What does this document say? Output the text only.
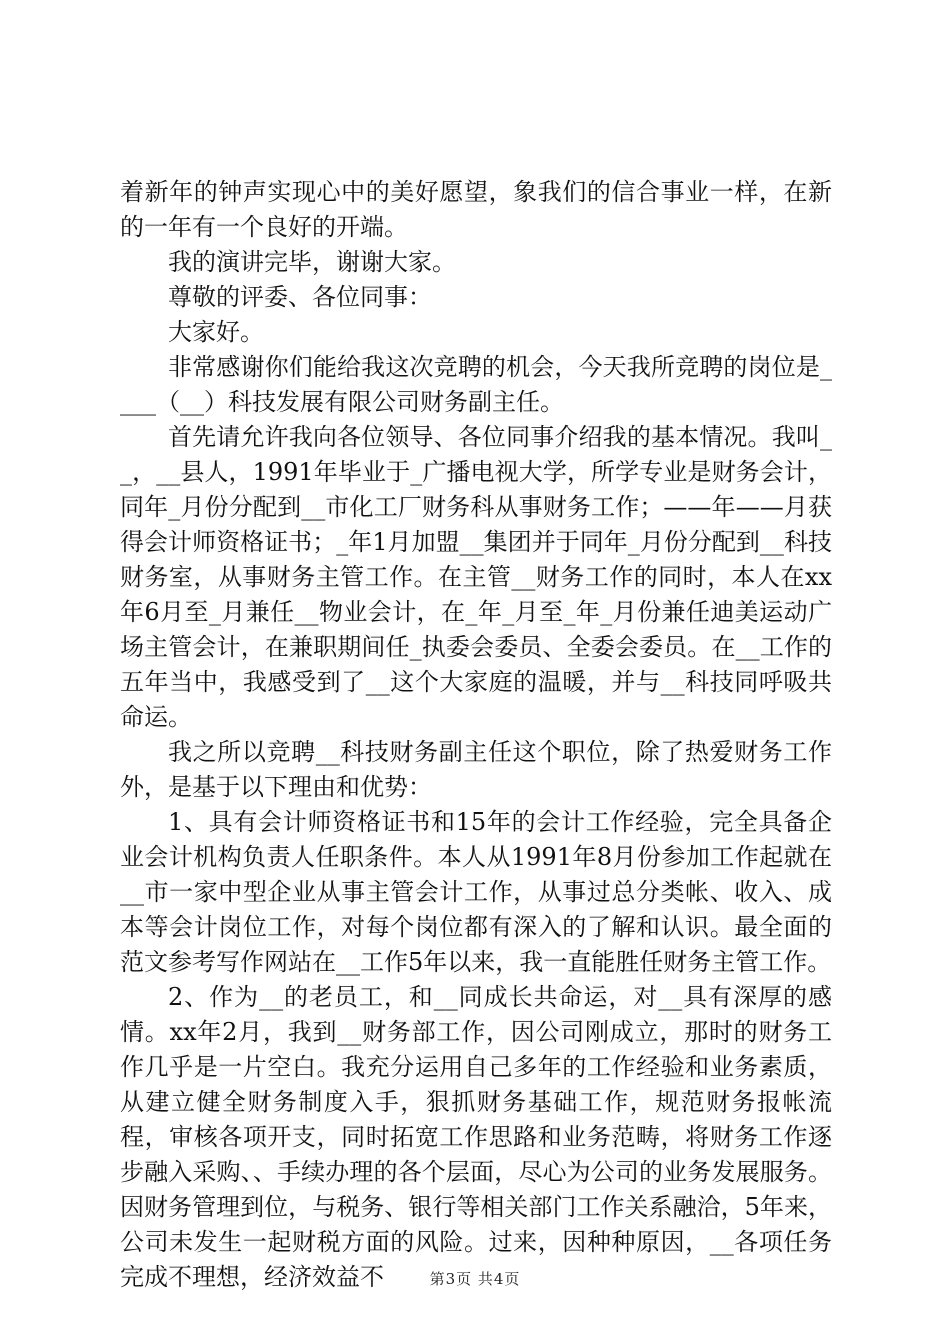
着新年的钟声实现心中的美好愿望，象我们的信合事业一样，在新的一年有一个良好的开端。

我的演讲完毕，谢谢大家。

尊敬的评委、各位同事：

大家好。

非常感谢你们能给我这次竞聘的机会，今天我所竞聘的岗位是____（__）科技发展有限公司财务副主任。

首先请允许我向各位领导、各位同事介绍我的基本情况。我叫__，__县人，1991年毕业于_广播电视大学，所学专业是财务会计，同年_月份分配到__市化工厂财务科从事财务工作；——年——月获得会计师资格证书；_年1月加盟__集团并于同年_月份分配到__科技财务室，从事财务主管工作。在主管__财务工作的同时，本人在xx年6月至_月兼任__物业会计，在_年_月至_年_月份兼任迪美运动广场主管会计，在兼职期间任_执委会委员、全委会委员。在__工作的五年当中，我感受到了__这个大家庭的温暖，并与__科技同呼吸共命运。

我之所以竞聘__科技财务副主任这个职位，除了热爱财务工作外，是基于以下理由和优势：

1、具有会计师资格证书和15年的会计工作经验，完全具备企业会计机构负责人任职条件。本人从1991年8月份参加工作起就在__市一家中型企业从事主管会计工作，从事过总分类帐、收入、成本等会计岗位工作，对每个岗位都有深入的了解和认识。最全面的范文参考写作网站在__工作5年以来，我一直能胜任财务主管工作。

2、作为__的老员工，和__同成长共命运，对__具有深厚的感情。xx年2月，我到__财务部工作，因公司刚成立，那时的财务工作几乎是一片空白。我充分运用自己多年的工作经验和业务素质，从建立健全财务制度入手，狠抓财务基础工作，规范财务报帐流程，审核各项开支，同时拓宽工作思路和业务范畴，将财务工作逐步融入采购、、手续办理的各个层面，尽心为公司的业务发展服务。因财务管理到位，与税务、银行等相关部门工作关系融洽，5年来，公司未发生一起财税方面的风险。过来，因种种原因，__各项任务完成不理想，经济效益不	第3页 共4页
